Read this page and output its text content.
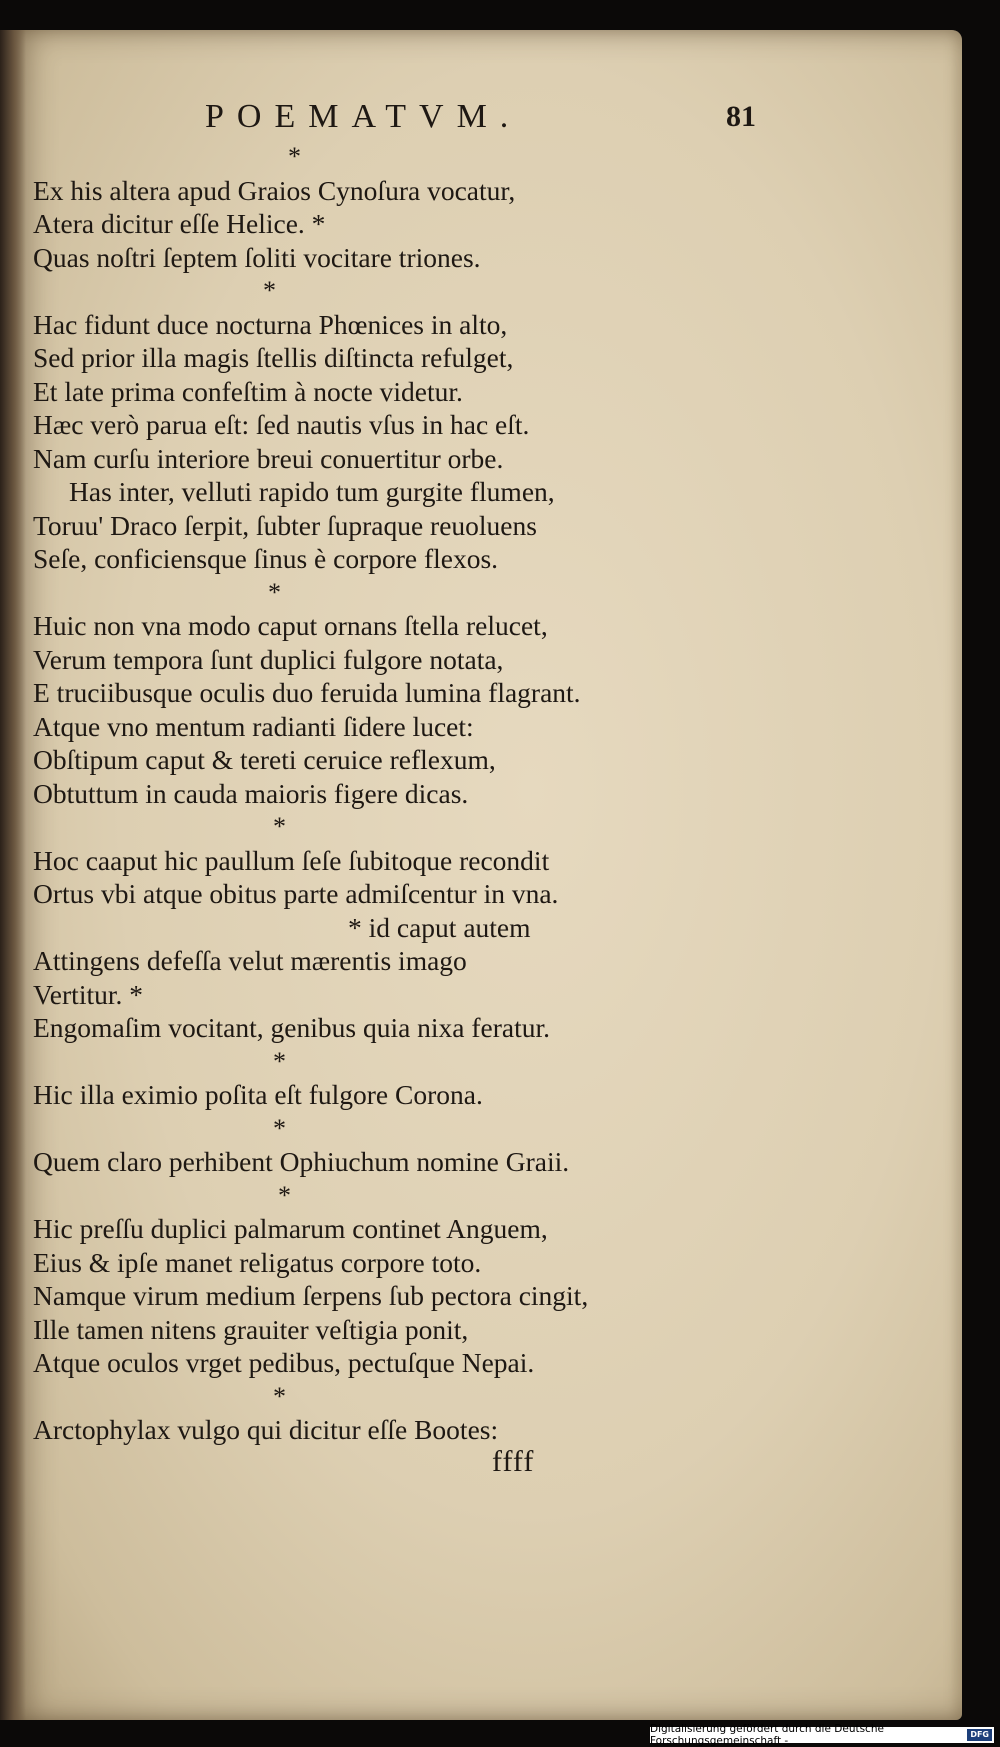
POEMATVM.	81
*
Ex his altera apud Graios Cynoſura vocatur,
Atera dicitur eſſe Helice. *
Quas noſtri ſeptem ſoliti vocitare triones.
*
Hac fidunt duce nocturna Phœnices in alto,
Sed prior illa magis ſtellis diſtincta refulget,
Et late prima confeſtim à nocte videtur.
Hæc verò parua eſt: ſed nautis vſus in hac eſt.
Nam curſu interiore breui conuertitur orbe.
Has inter, velluti rapido tum gurgite flumen,
Toruu' Draco ſerpit, ſubter ſupraque reuoluens
Seſe, conficiensque ſinus è corpore flexos.
*
Huic non vna modo caput ornans ſtella relucet,
Verum tempora ſunt duplici fulgore notata,
E truciibusque oculis duo feruida lumina flagrant.
Atque vno mentum radianti ſidere lucet:
Obſtipum caput & tereti ceruice reflexum,
Obtuttum in cauda maioris figere dicas.
*
Hoc caaput hic paullum ſeſe ſubitoque recondit
Ortus vbi atque obitus parte admiſcentur in vna.
* id caput autem
Attingens defeſſa velut mærentis imago
Vertitur. *
Engomaſim vocitant, genibus quia nixa feratur.
*
Hic illa eximio poſita eſt fulgore Corona.
*
Quem claro perhibent Ophiuchum nomine Graii.
*
Hic preſſu duplici palmarum continet Anguem,
Eius & ipſe manet religatus corpore toto.
Namque virum medium ſerpens ſub pectora cingit,
Ille tamen nitens grauiter veſtigia ponit,
Atque oculos vrget pedibus, pectuſque Nepai.
*
Arctophylax vulgo qui dicitur eſſe Bootes:
ffff
Digitalisierung gefördert durch die Deutsche Forschungsgemeinschaft -
DFG
